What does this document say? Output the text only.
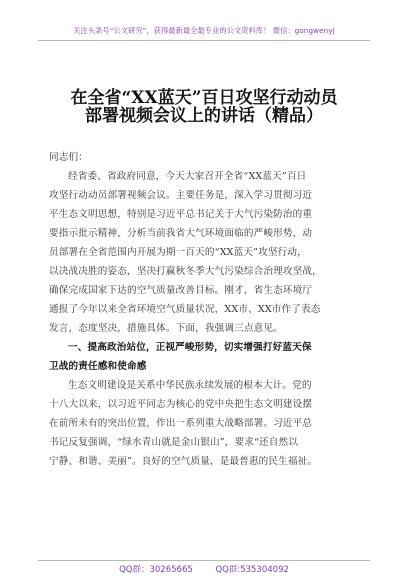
关注头条号“公文研究”，获得最新最全最专业的公文资料库！ 微信：gongwenyj
在全省“XX蓝天”百日攻坚行动动员
部署视频会议上的讲话（精品）
同志们：
经省委、省政府同意，今天大家召开全省“XX蓝天”百日
攻坚行动动员部署视频会议。主要任务是，深入学习贯彻习近
平生态文明思想，特别是习近平总书记关于大气污染防治的重
要指示批示精神，分析当前我省大气环境面临的严峻形势，动
员部署在全省范围内开展为期一百天的“XX蓝天”攻坚行动，
以决战决胜的姿态，坚决打赢秋冬季大气污染综合治理攻坚战，
确保完成国家下达的空气质量改善目标。刚才，省生态环境厅
通报了今年以来全省环境空气质量状况，XX市、XX市作了表态
发言，态度坚决，措施具体。下面，我强调三点意见。
一、提高政治站位，正视严峻形势，切实增强打好蓝天保
卫战的责任感和使命感
生态文明建设是关系中华民族永续发展的根本大计。党的
十八大以来，以习近平同志为核心的党中央把生态文明建设摆
在前所未有的突出位置，作出一系列重大战略部署。习近平总
书记反复强调，“绿水青山就是金山银山”，要求“还自然以
宁静、和谐、美丽”。良好的空气质量，是最普惠的民生福祉。
QQ群：30265665	QQ群:535304092
